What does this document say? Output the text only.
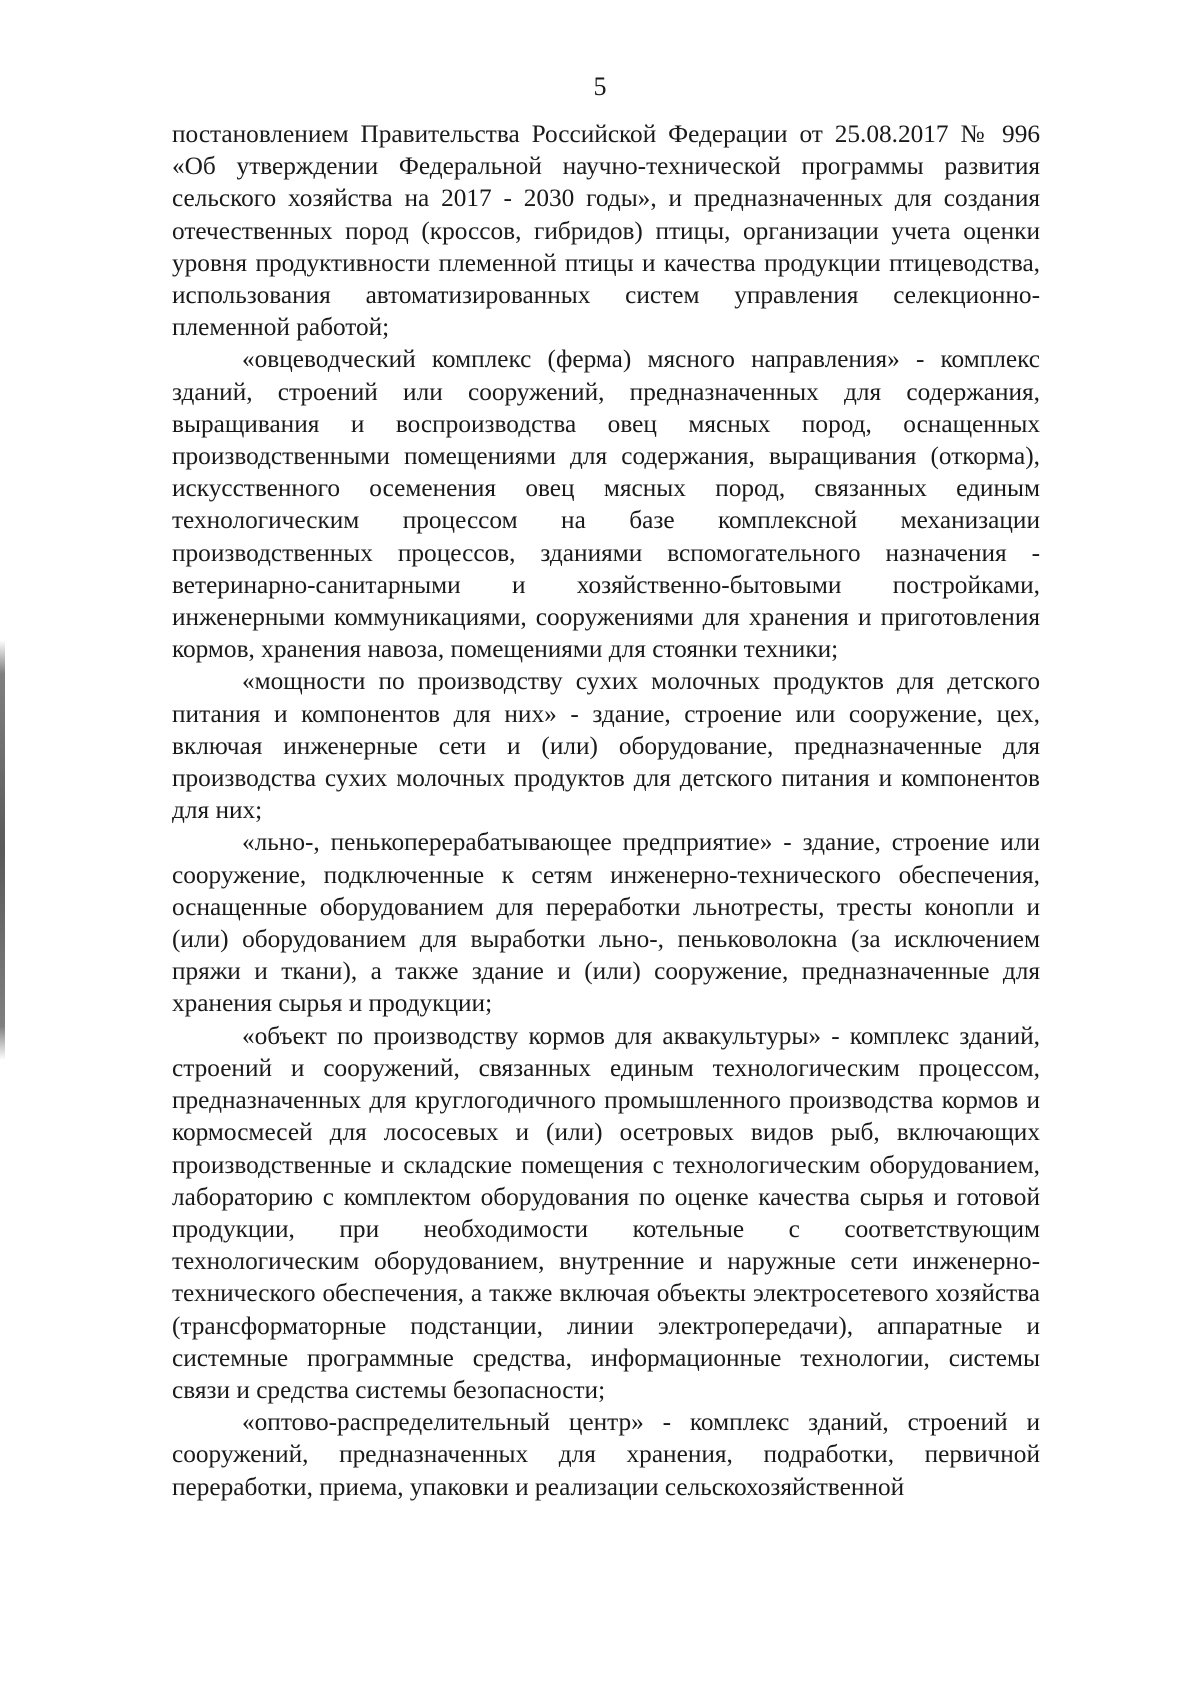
5

постановлением Правительства Российской Федерации от 25.08.2017 № 996 «Об утверждении Федеральной научно-технической программы развития сельского хозяйства на 2017 - 2030 годы», и предназначенных для создания отечественных пород (кроссов, гибридов) птицы, организации учета оценки уровня продуктивности племенной птицы и качества продукции птицеводства, использования автоматизированных систем управления селекционно-племенной работой;

«овцеводческий комплекс (ферма) мясного направления» - комплекс зданий, строений или сооружений, предназначенных для содержания, выращивания и воспроизводства овец мясных пород, оснащенных производственными помещениями для содержания, выращивания (откорма), искусственного осеменения овец мясных пород, связанных единым технологическим процессом на базе комплексной механизации производственных процессов, зданиями вспомогательного назначения - ветеринарно-санитарными и хозяйственно-бытовыми постройками, инженерными коммуникациями, сооружениями для хранения и приготовления кормов, хранения навоза, помещениями для стоянки техники;

«мощности по производству сухих молочных продуктов для детского питания и компонентов для них» - здание, строение или сооружение, цех, включая инженерные сети и (или) оборудование, предназначенные для производства сухих молочных продуктов для детского питания и компонентов для них;

«льно-, пенькоперерабатывающее предприятие» - здание, строение или сооружение, подключенные к сетям инженерно-технического обеспечения, оснащенные оборудованием для переработки льнотресты, тресты конопли и (или) оборудованием для выработки льно-, пеньковолокна (за исключением пряжи и ткани), а также здание и (или) сооружение, предназначенные для хранения сырья и продукции;

«объект по производству кормов для аквакультуры» - комплекс зданий, строений и сооружений, связанных единым технологическим процессом, предназначенных для круглогодичного промышленного производства кормов и кормосмесей для лососевых и (или) осетровых видов рыб, включающих производственные и складские помещения с технологическим оборудованием, лабораторию с комплектом оборудования по оценке качества сырья и готовой продукции, при необходимости котельные с соответствующим технологическим оборудованием, внутренние и наружные сети инженерно-технического обеспечения, а также включая объекты электросетевого хозяйства (трансформаторные подстанции, линии электропередачи), аппаратные и системные программные средства, информационные технологии, системы связи и средства системы безопасности;

«оптово-распределительный центр» - комплекс зданий, строений и сооружений, предназначенных для хранения, подработки, первичной переработки, приема, упаковки и реализации сельскохозяйственной
